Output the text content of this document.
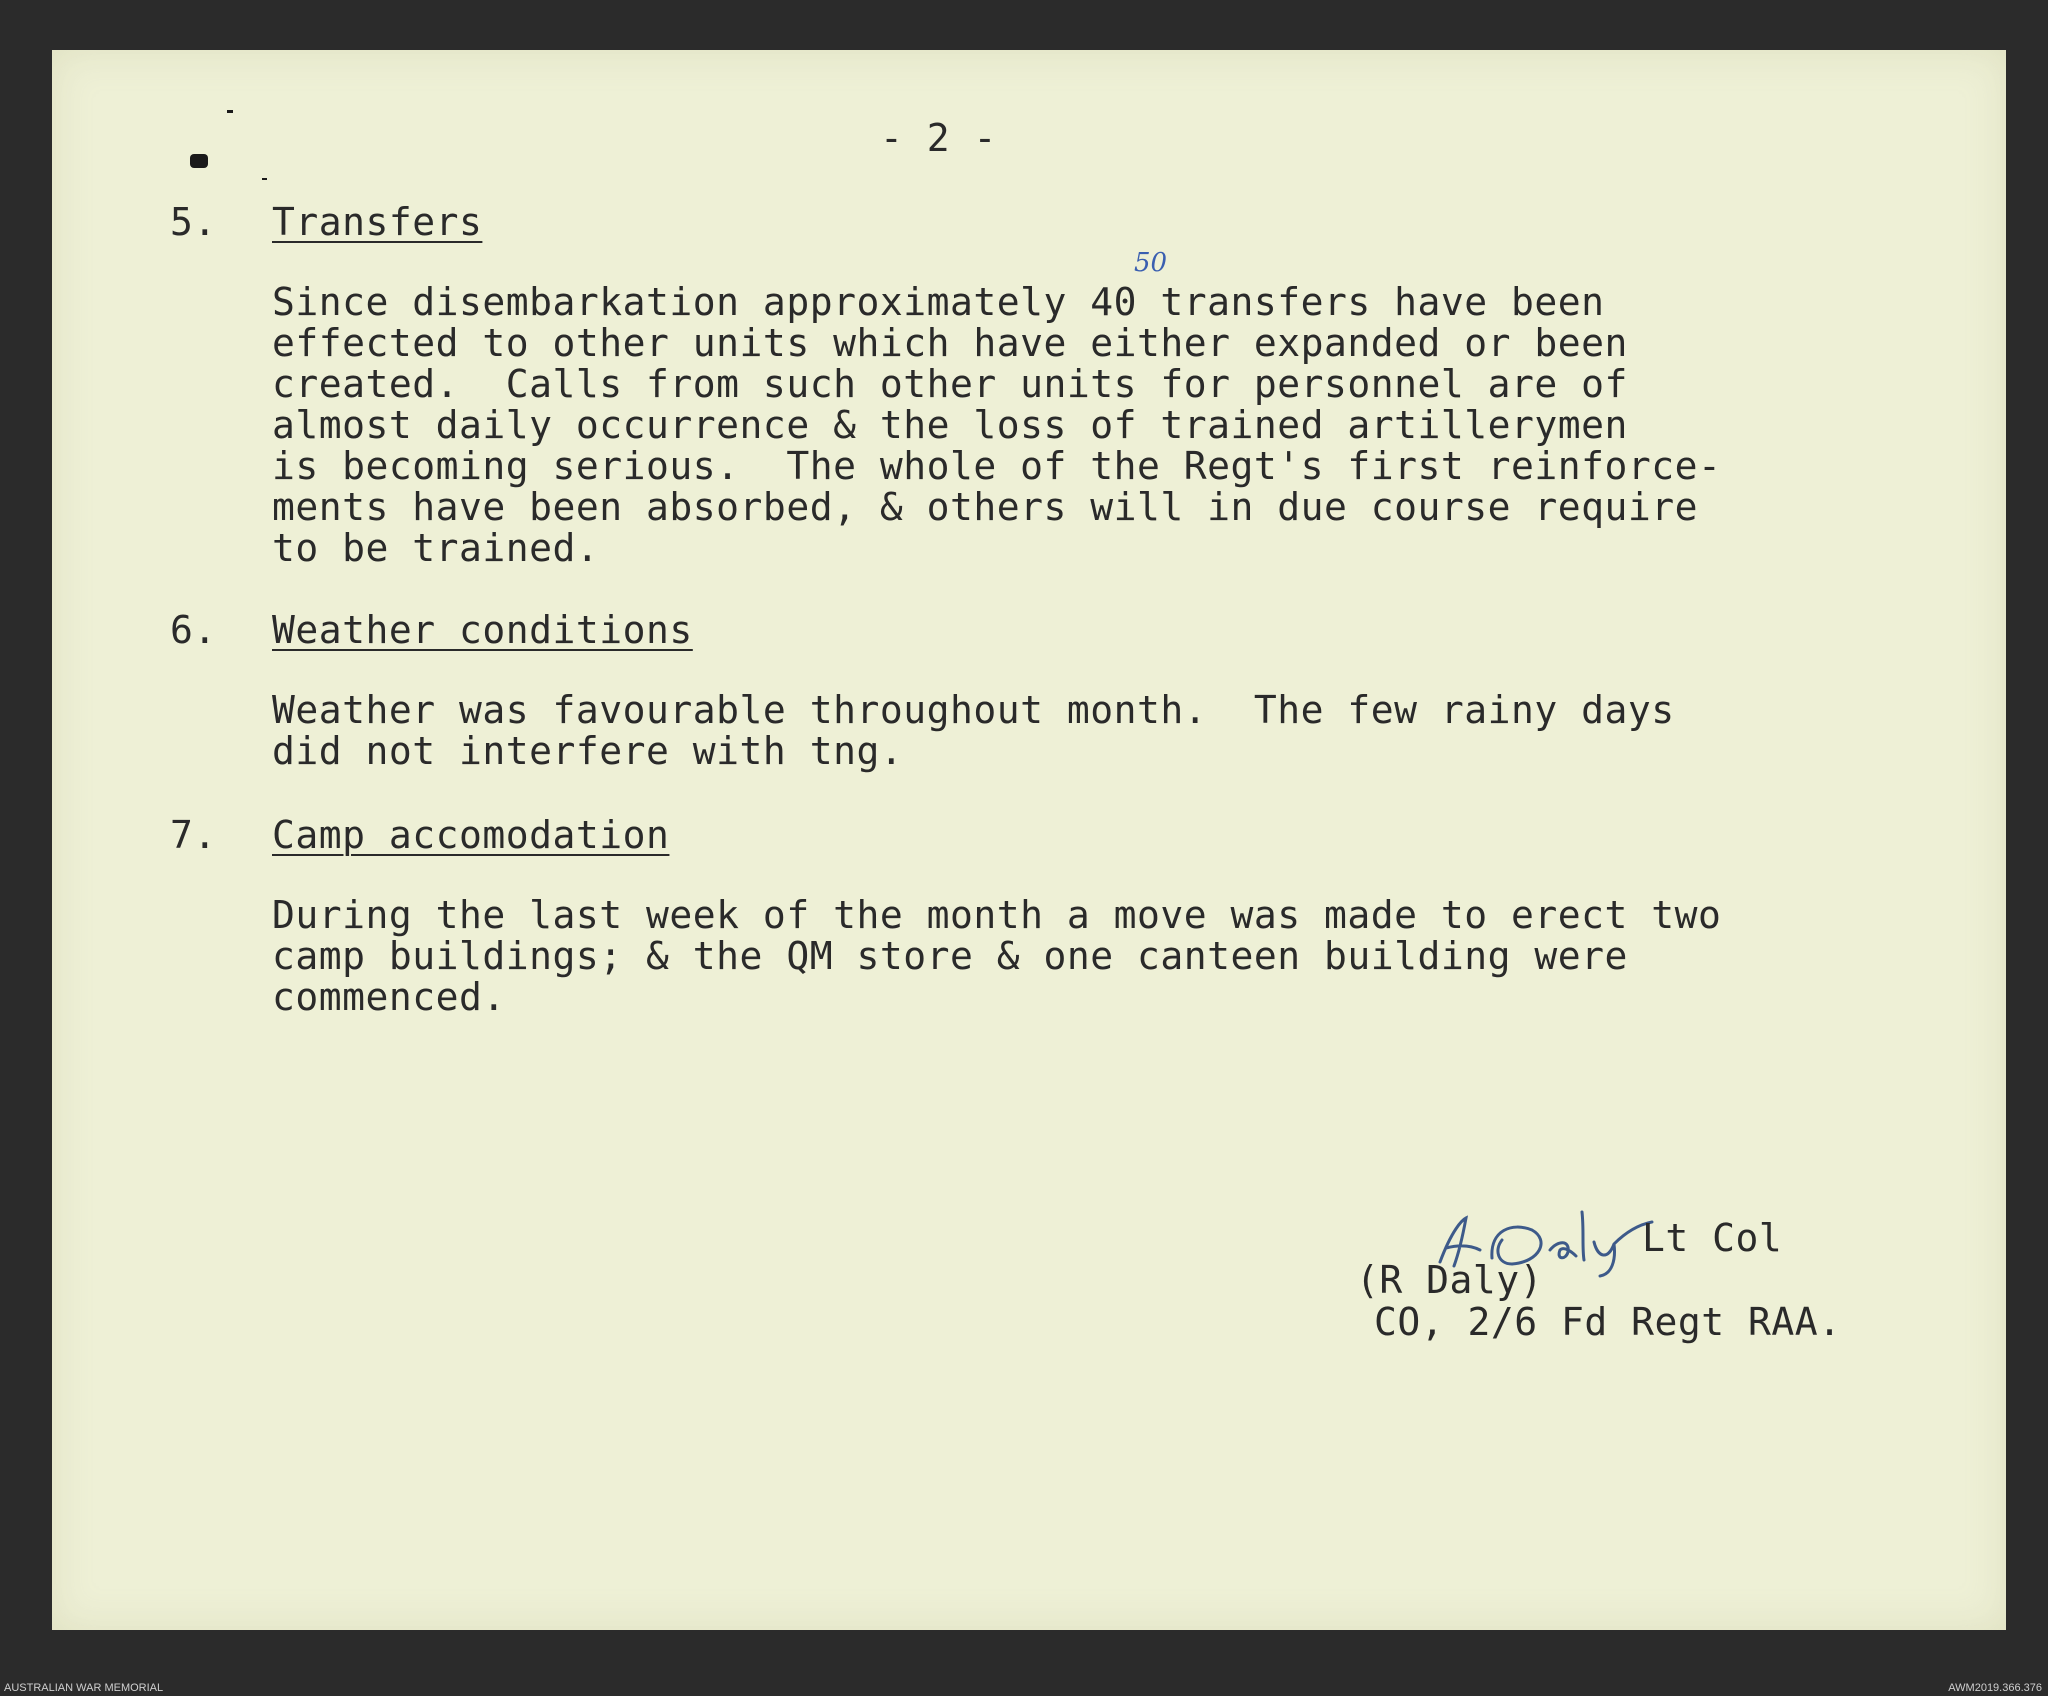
- 2 -
5. Transfers
Since disembarkation approximately 40 transfers have been
effected to other units which have either expanded or been
created.  Calls from such other units for personnel are of
almost daily occurrence & the loss of trained artillerymen
is becoming serious.  The whole of the Regt's first reinforce-
ments have been absorbed, & others will in due course require
to be trained.
50
6. Weather conditions
Weather was favourable throughout month.  The few rainy days
did not interfere with tng.
7. Camp accomodation
During the last week of the month a move was made to erect two
camp buildings; & the QM store & one canteen building were
commenced.
Lt Col
(R Daly)
CO, 2/6 Fd Regt RAA.
AUSTRALIAN WAR MEMORIAL	AWM2019.366.376
